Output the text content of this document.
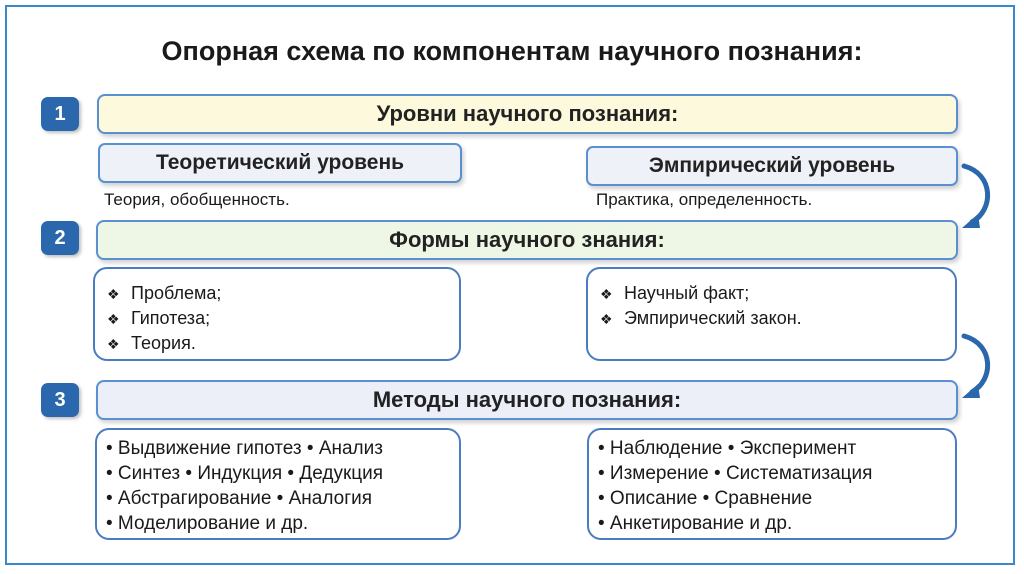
Опорная схема по компонентам научного познания:
1	Уровни научного познания:
Теоретический уровень
Теория, обобщенность.
Эмпирический уровень
Практика, определенность.
2	Формы научного знания:
❖ Проблема;
❖ Гипотеза;
❖ Теория.
❖ Научный факт;
❖ Эмпирический закон.
3	Методы научного познания:
• Выдвижение гипотез • Анализ
• Синтез • Индукция • Дедукция
• Абстрагирование • Аналогия
• Моделирование и др.
• Наблюдение • Эксперимент
• Измерение • Систематизация
• Описание • Сравнение
• Анкетирование и др.
